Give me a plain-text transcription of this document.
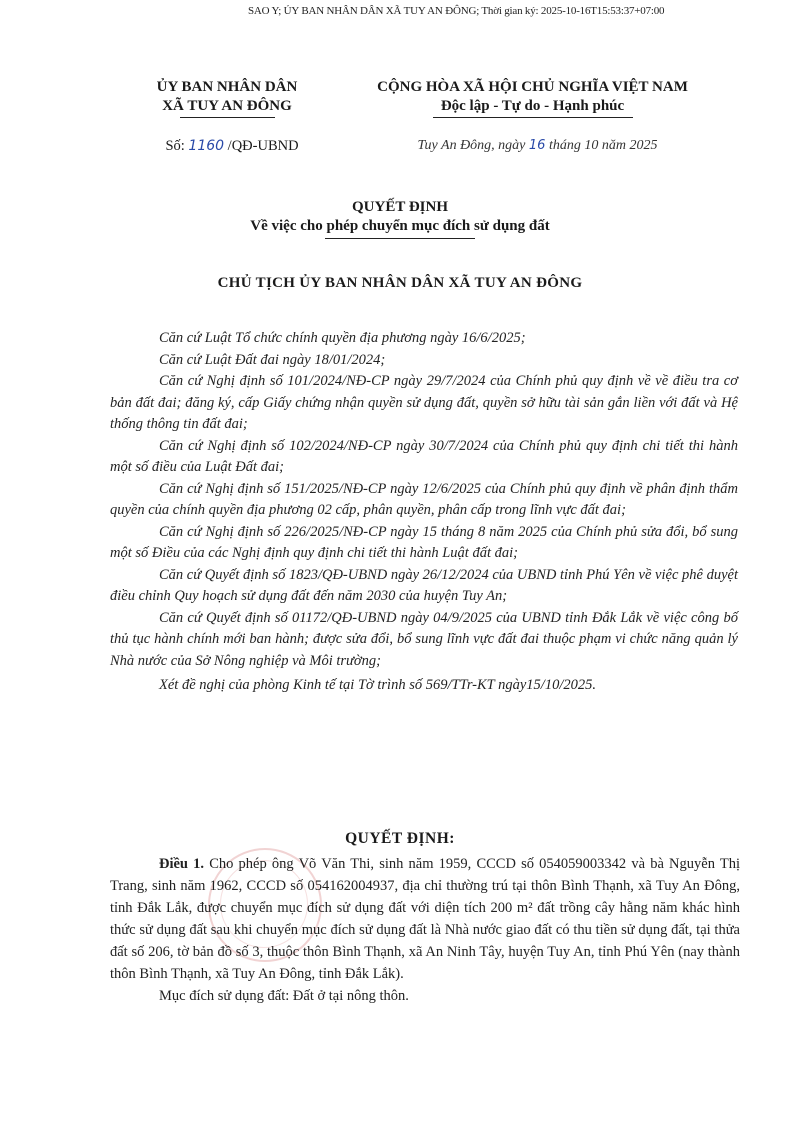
SAO Y; ỦY BAN NHÂN DÂN XÃ TUY AN ĐÔNG; Thời gian ký: 2025-10-16T15:53:37+07:00
ỦY BAN NHÂN DÂN
XÃ TUY AN ĐÔNG
CỘNG HÒA XÃ HỘI CHỦ NGHĨA VIỆT NAM
Độc lập - Tự do - Hạnh phúc
Số: 1160 /QĐ-UBND	Tuy An Đông, ngày 16 tháng 10 năm 2025
QUYẾT ĐỊNH
Về việc cho phép chuyển mục đích sử dụng đất
CHỦ TỊCH ỦY BAN NHÂN DÂN XÃ TUY AN ĐÔNG

Căn cứ Luật Tổ chức chính quyền địa phương ngày 16/6/2025;

Căn cứ Luật Đất đai ngày 18/01/2024;

Căn cứ Nghị định số 101/2024/NĐ-CP ngày 29/7/2024 của Chính phủ quy định về về điều tra cơ bản đất đai; đăng ký, cấp Giấy chứng nhận quyền sử dụng đất, quyền sở hữu tài sản gắn liền với đất và Hệ thống thông tin đất đai;

Căn cứ Nghị định số 102/2024/NĐ-CP ngày 30/7/2024 của Chính phủ quy định chi tiết thi hành một số điều của Luật Đất đai;

Căn cứ Nghị định số 151/2025/NĐ-CP ngày 12/6/2025 của Chính phủ quy định về phân định thẩm quyền của chính quyền địa phương 02 cấp, phân quyền, phân cấp trong lĩnh vực đất đai;

Căn cứ Nghị định số 226/2025/NĐ-CP ngày 15 tháng 8 năm 2025 của Chính phủ sửa đổi, bổ sung một số Điều của các Nghị định quy định chi tiết thi hành Luật đất đai;

Căn cứ Quyết định số 1823/QĐ-UBND ngày 26/12/2024 của UBND tỉnh Phú Yên về việc phê duyệt điều chỉnh Quy hoạch sử dụng đất đến năm 2030 của huyện Tuy An;

Căn cứ Quyết định số 01172/QĐ-UBND ngày 04/9/2025 của UBND tỉnh Đắk Lắk về việc công bố thủ tục hành chính mới ban hành; được sửa đổi, bổ sung lĩnh vực đất đai thuộc phạm vi chức năng quản lý Nhà nước của Sở Nông nghiệp và Môi trường;

Xét đề nghị của phòng Kinh tế tại Tờ trình số 569/TTr-KT ngày15/10/2025.

QUYẾT ĐỊNH:

Điều 1. Cho phép ông Võ Văn Thi, sinh năm 1959, CCCD số 054059003342 và bà Nguyễn Thị Trang, sinh năm 1962, CCCD số 054162004937, địa chỉ thường trú tại thôn Bình Thạnh, xã Tuy An Đông, tỉnh Đắk Lắk, được chuyển mục đích sử dụng đất với diện tích 200 m² đất trồng cây hằng năm khác hình thức sử dụng đất sau khi chuyển mục đích sử dụng đất là Nhà nước giao đất có thu tiền sử dụng đất, tại thửa đất số 206, tờ bản đồ số 3, thuộc thôn Bình Thạnh, xã An Ninh Tây, huyện Tuy An, tỉnh Phú Yên (nay thành thôn Bình Thạnh, xã Tuy An Đông, tỉnh Đắk Lắk).

Mục đích sử dụng đất: Đất ở tại nông thôn.
